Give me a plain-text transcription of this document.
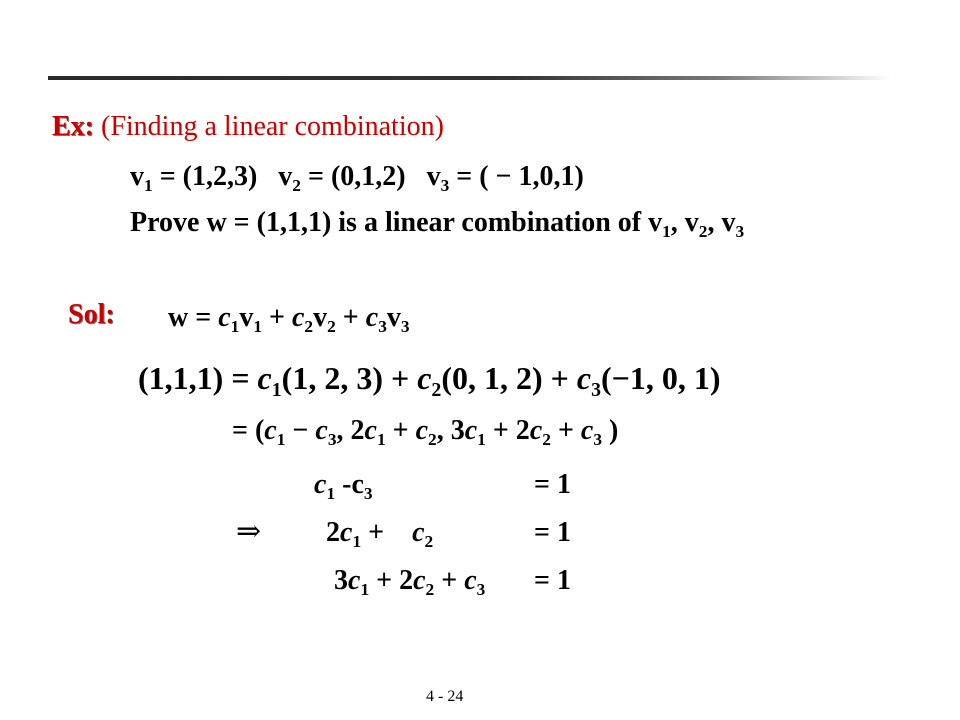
Ex: (Finding a linear combination)
$v_1 = (1,2,3) v_2 = (0,1,2) v_3$ = ( − 1,0,1)
Prove w = (1,1,1) is a linear combination of $v_1$, $v_2$, $v_3$
Sol: $w = c_1v_1 + c_2v_2 + c_3v_3$
$(1,1,1) = c_1(1$, 2, $3) + c_2(0$, 1, $2) + c_3(-1$, 0, 1)
= ($c_1 - c_3$, $2c_1 + c_2$, $3c_1 + 2c_2 + c_3$ )
⇒
$c_1$ $-c_3$	= 1
$2c_1$ +    $c_2$	= 1
$3c_1 + 2c_2 + c_3 = 1$
4 - 24
